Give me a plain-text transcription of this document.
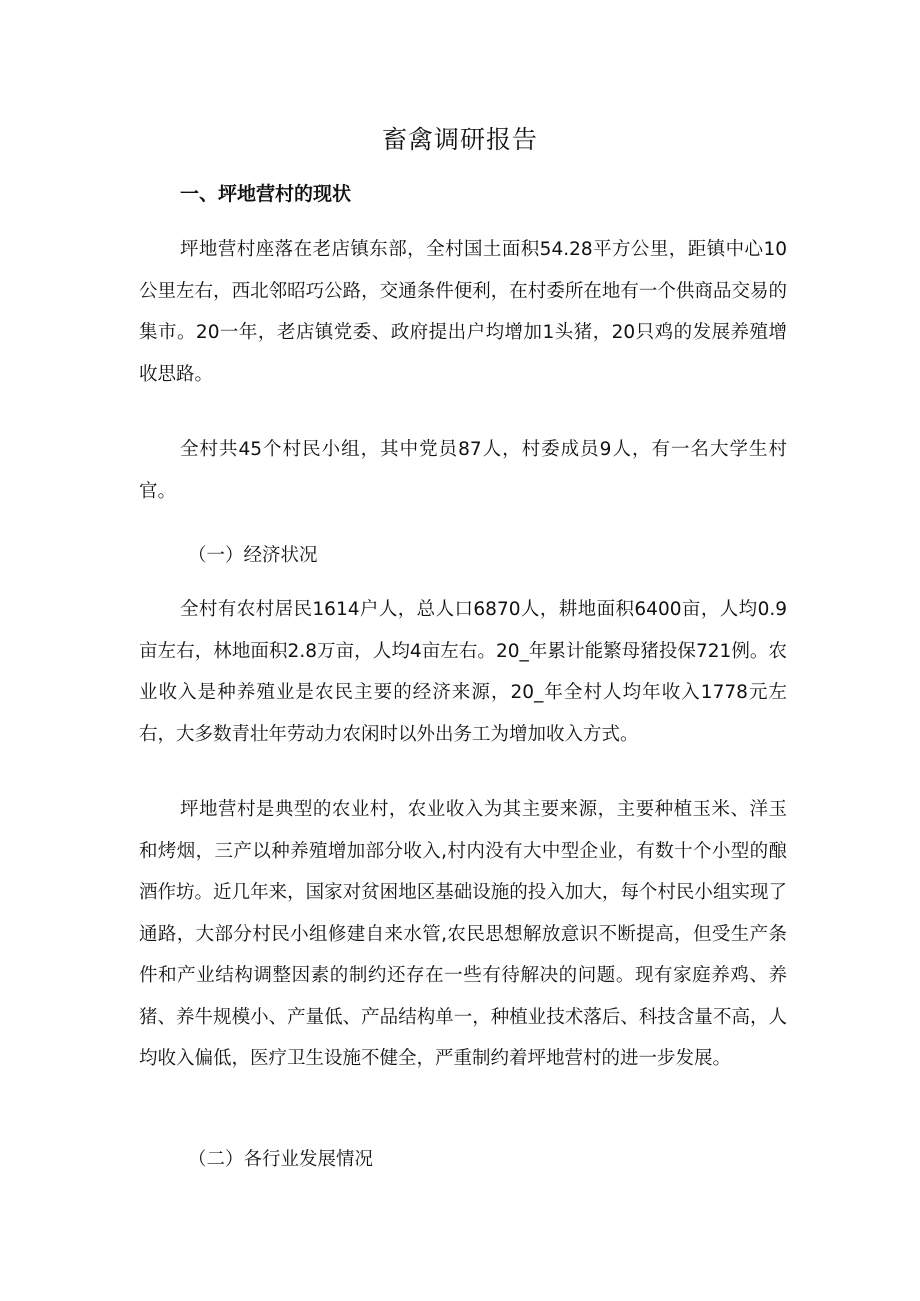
畜禽调研报告
一、坪地营村的现状

坪地营村座落在老店镇东部，全村国土面积54.28平方公里，距镇中心10公里左右，西北邻昭巧公路，交通条件便利，在村委所在地有一个供商品交易的集市。20一年，老店镇党委、政府提出户均增加1头猪，20只鸡的发展养殖增收思路。

全村共45个村民小组，其中党员87人，村委成员9人，有一名大学生村官。

（一）经济状况

全村有农村居民1614户人，总人口6870人，耕地面积6400亩，人均0.9亩左右，林地面积2.8万亩，人均4亩左右。20_年累计能繁母猪投保721例。农业收入是种养殖业是农民主要的经济来源，20_年全村人均年收入1778元左右，大多数青壮年劳动力农闲时以外出务工为增加收入方式。

坪地营村是典型的农业村，农业收入为其主要来源，主要种植玉米、洋玉和烤烟，三产以种养殖增加部分收入,村内没有大中型企业，有数十个小型的酿酒作坊。近几年来，国家对贫困地区基础设施的投入加大，每个村民小组实现了通路，大部分村民小组修建自来水管,农民思想解放意识不断提高，但受生产条件和产业结构调整因素的制约还存在一些有待解决的问题。现有家庭养鸡、养猪、养牛规模小、产量低、产品结构单一，种植业技术落后、科技含量不高，人均收入偏低，医疗卫生设施不健全，严重制约着坪地营村的进一步发展。

（二）各行业发展情况
